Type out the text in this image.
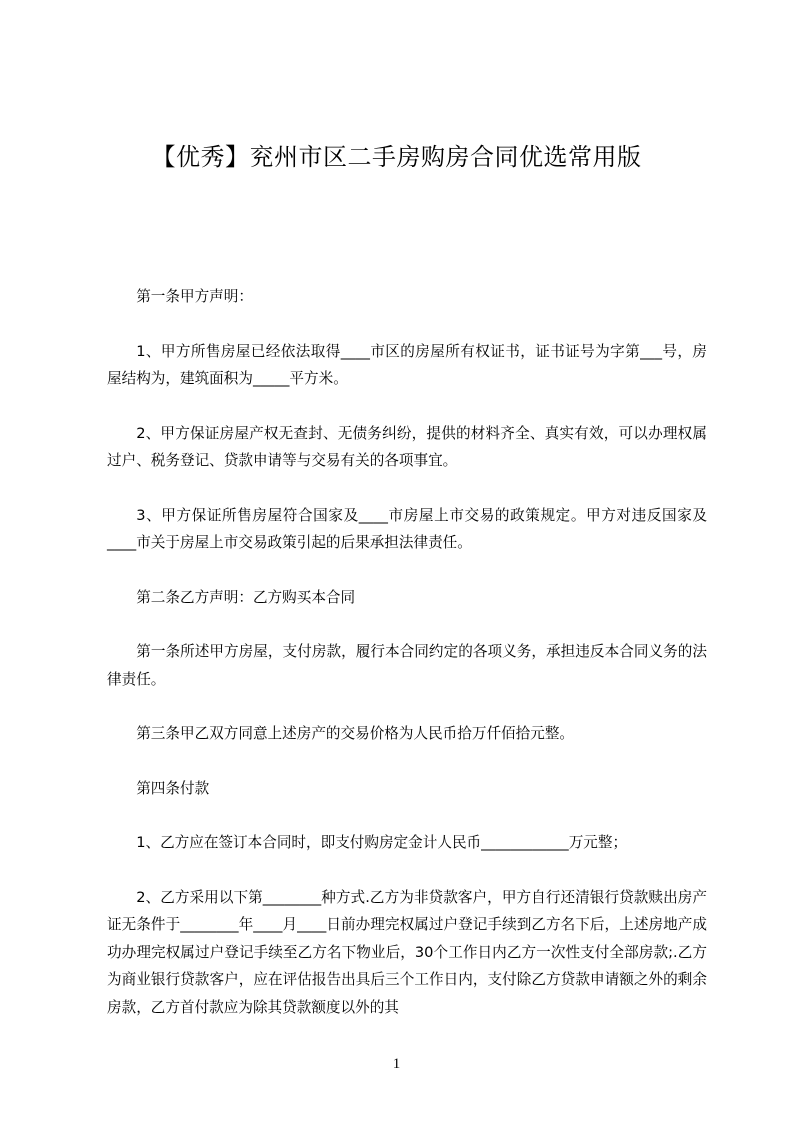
【优秀】兖州市区二手房购房合同优选常用版

第一条甲方声明：

1、甲方所售房屋已经依法取得____市区的房屋所有权证书，证书证号为字第___号，房屋结构为，建筑面积为_____平方米。

2、甲方保证房屋产权无查封、无债务纠纷，提供的材料齐全、真实有效，可以办理权属过户、税务登记、贷款申请等与交易有关的各项事宜。

3、甲方保证所售房屋符合国家及____市房屋上市交易的政策规定。甲方对违反国家及____市关于房屋上市交易政策引起的后果承担法律责任。

第二条乙方声明：乙方购买本合同

第一条所述甲方房屋，支付房款，履行本合同约定的各项义务，承担违反本合同义务的法律责任。

第三条甲乙双方同意上述房产的交易价格为人民币拾万仟佰拾元整。

第四条付款

1、乙方应在签订本合同时，即支付购房定金计人民币____________万元整；

2、乙方采用以下第________种方式.乙方为非贷款客户，甲方自行还清银行贷款赎出房产证无条件于________年____月____日前办理完权属过户登记手续到乙方名下后，上述房地产成功办理完权属过户登记手续至乙方名下物业后，30个工作日内乙方一次性支付全部房款;.乙方为商业银行贷款客户，应在评估报告出具后三个工作日内，支付除乙方贷款申请额之外的剩余房款，乙方首付款应为除其贷款额度以外的其

1
